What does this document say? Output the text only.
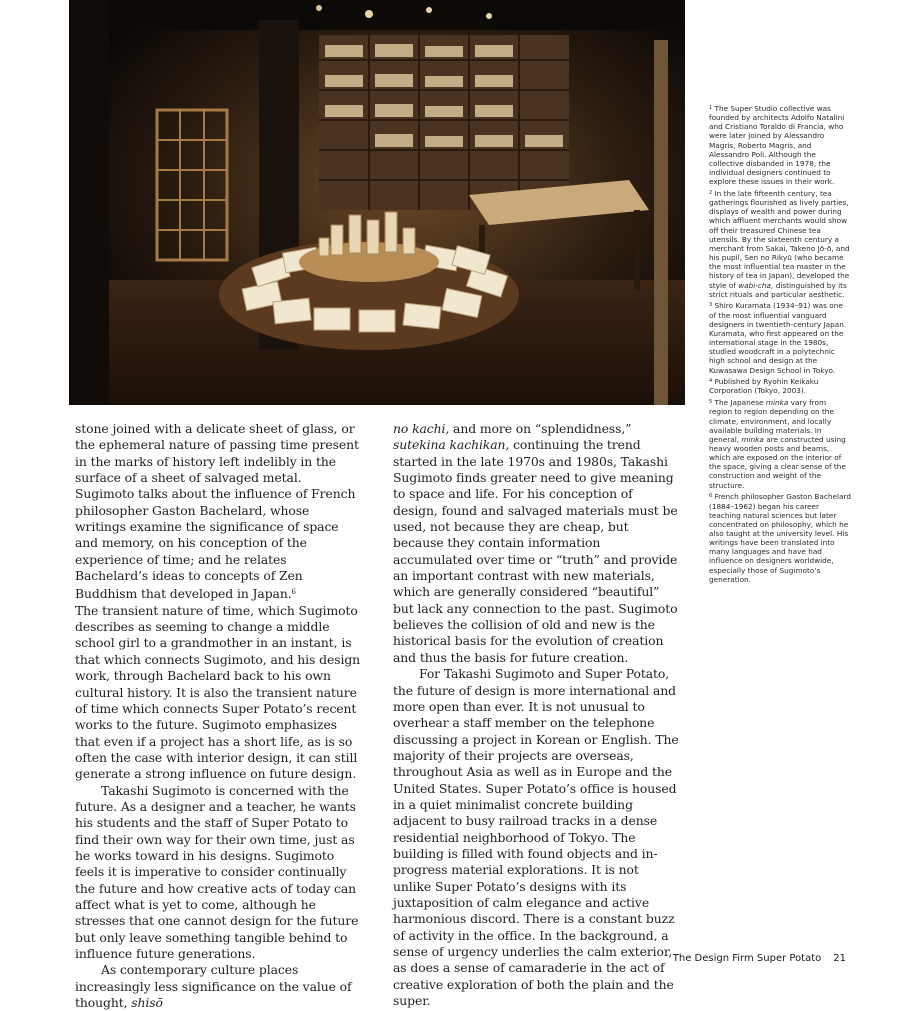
stone joined with a delicate sheet of glass, or the ephemeral nature of passing time present in the marks of history left indelibly in the surface of a sheet of salvaged metal. Sugimoto talks about the influence of French philosopher Gaston Bachelard, whose writings examine the significance of space and memory, on his conception of the experience of time; and he relates Bachelard’s ideas to concepts of Zen Buddhism that developed in Japan.$^6$

The transient nature of time, which Sugimoto describes as seeming to change a middle school girl to a grandmother in an instant, is that which connects Sugimoto, and his design work, through Bachelard back to his own cultural history. It is also the transient nature of time which connects Super Potato’s recent works to the future. Sugimoto emphasizes that even if a project has a short life, as is so often the case with interior design, it can still generate a strong influence on future design.

Takashi Sugimoto is concerned with the future. As a designer and a teacher, he wants his students and the staff of Super Potato to find their own way for their own time, just as he works toward in his designs. Sugimoto feels it is imperative to consider continually the future and how creative acts of today can affect what is yet to come, although he stresses that one cannot design for the future but only leave something tangible behind to influence future generations.

As contemporary culture places increasingly less significance on the value of thought, shisō

no kachi, and more on “splendidness,” sutekina kachikan, continuing the trend started in the late 1970s and 1980s, Takashi Sugimoto finds greater need to give meaning to space and life. For his conception of design, found and salvaged materials must be used, not because they are cheap, but because they contain information accumulated over time or “truth” and provide an important contrast with new materials, which are generally considered “beautiful” but lack any connection to the past. Sugimoto believes the collision of old and new is the historical basis for the evolution of creation and thus the basis for future creation.

For Takashi Sugimoto and Super Potato, the future of design is more international and more open than ever. It is not unusual to overhear a staff member on the telephone discussing a project in Korean or English. The majority of their projects are overseas, throughout Asia as well as in Europe and the United States. Super Potato’s office is housed in a quiet minimalist concrete building adjacent to busy railroad tracks in a dense residential neighborhood of Tokyo. The building is filled with found objects and in-progress material explorations. It is not unlike Super Potato’s designs with its juxtaposition of calm elegance and active harmonious discord. There is a constant buzz of activity in the office. In the background, a sense of urgency underlies the calm exterior, as does a sense of camaraderie in the act of creative exploration of both the plain and the super.

$^1$ The Super Studio collective was founded by architects Adolfo Natalini and Cristiano Toraldo di Francia, who were later joined by Alessandro Magris, Roberto Magris, and Alessandro Poli. Although the collective disbanded in 1978, the individual designers continued to explore these issues in their work.

$^2$ In the late fifteenth century, tea gatherings flourished as lively parties, displays of wealth and power during which affluent merchants would show off their treasured Chinese tea utensils. By the sixteenth century a merchant from Sakai, Takeno Jō-ō, and his pupil, Sen no Rikyū (who became the most influential tea master in the history of tea in Japan), developed the style of wabi-cha, distinguished by its strict rituals and particular aesthetic.

$^3$ Shiro Kuramata (1934–91) was one of the most influential vanguard designers in twentieth-century Japan. Kuramata, who first appeared on the international stage in the 1980s, studied woodcraft in a polytechnic high school and design at the Kuwasawa Design School in Tokyo.

$^4$ Published by Ryohin Keikaku Corporation (Tokyo, 2003).

$^5$ The Japanese minka vary from region to region depending on the climate, environment, and locally available building materials. In general, minka are constructed using heavy wooden posts and beams, which are exposed on the interior of the space, giving a clear sense of the construction and weight of the structure.

$^6$ French philosopher Gaston Bachelard (1884–1962) began his career teaching natural sciences but later concentrated on philosophy, which he also taught at the university level. His writings have been translated into many languages and have had influence on designers worldwide, especially those of Sugimoto’s generation.

The Design Firm Super Potato 21
